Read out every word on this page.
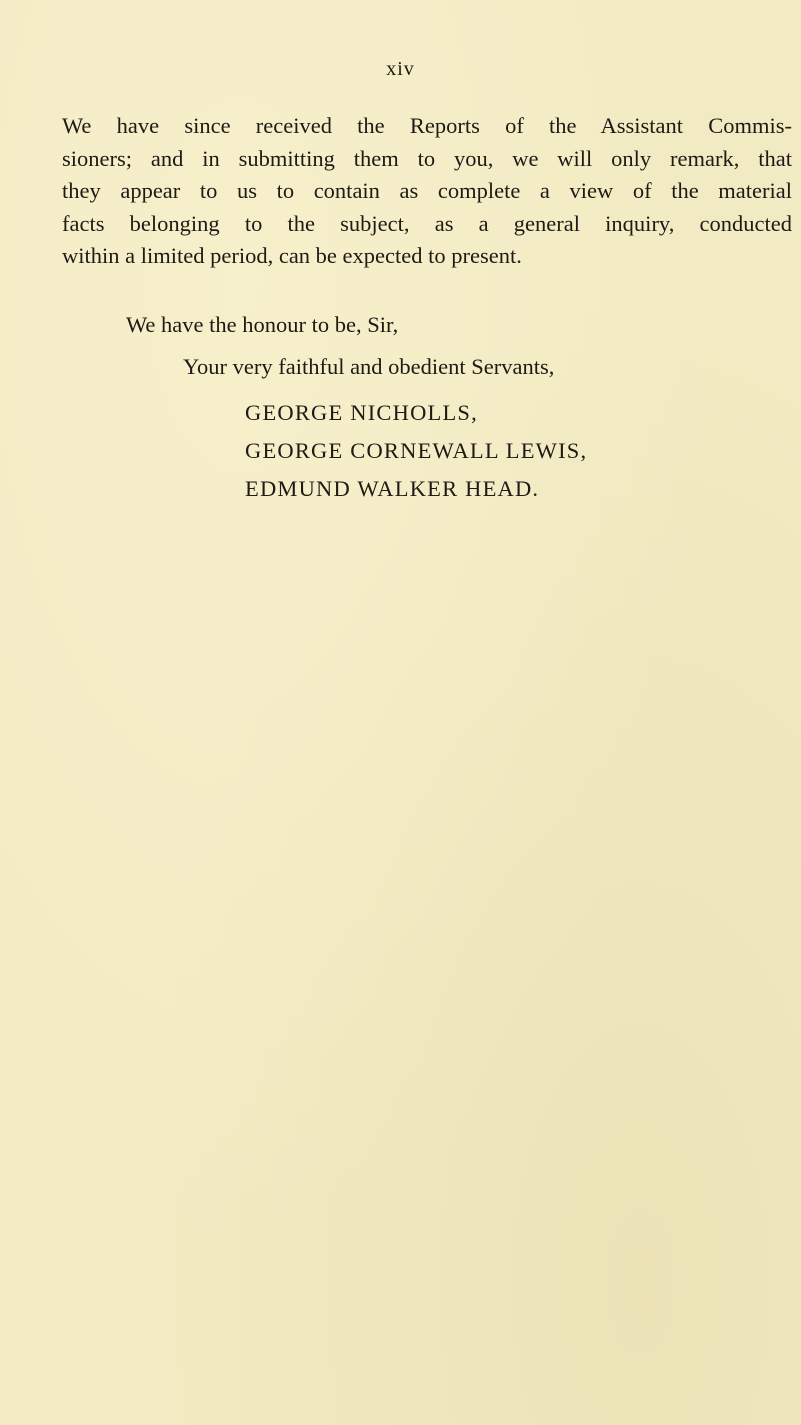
xiv
We have since received the Reports of the Assistant Commis-
sioners; and in submitting them to you, we will only remark, that
they appear to us to contain as complete a view of the material
facts belonging to the subject, as a general inquiry, conducted
within a limited period, can be expected to present.
We have the honour to be, Sir,
Your very faithful and obedient Servants,
GEORGE NICHOLLS,
GEORGE CORNEWALL LEWIS,
EDMUND WALKER HEAD.
